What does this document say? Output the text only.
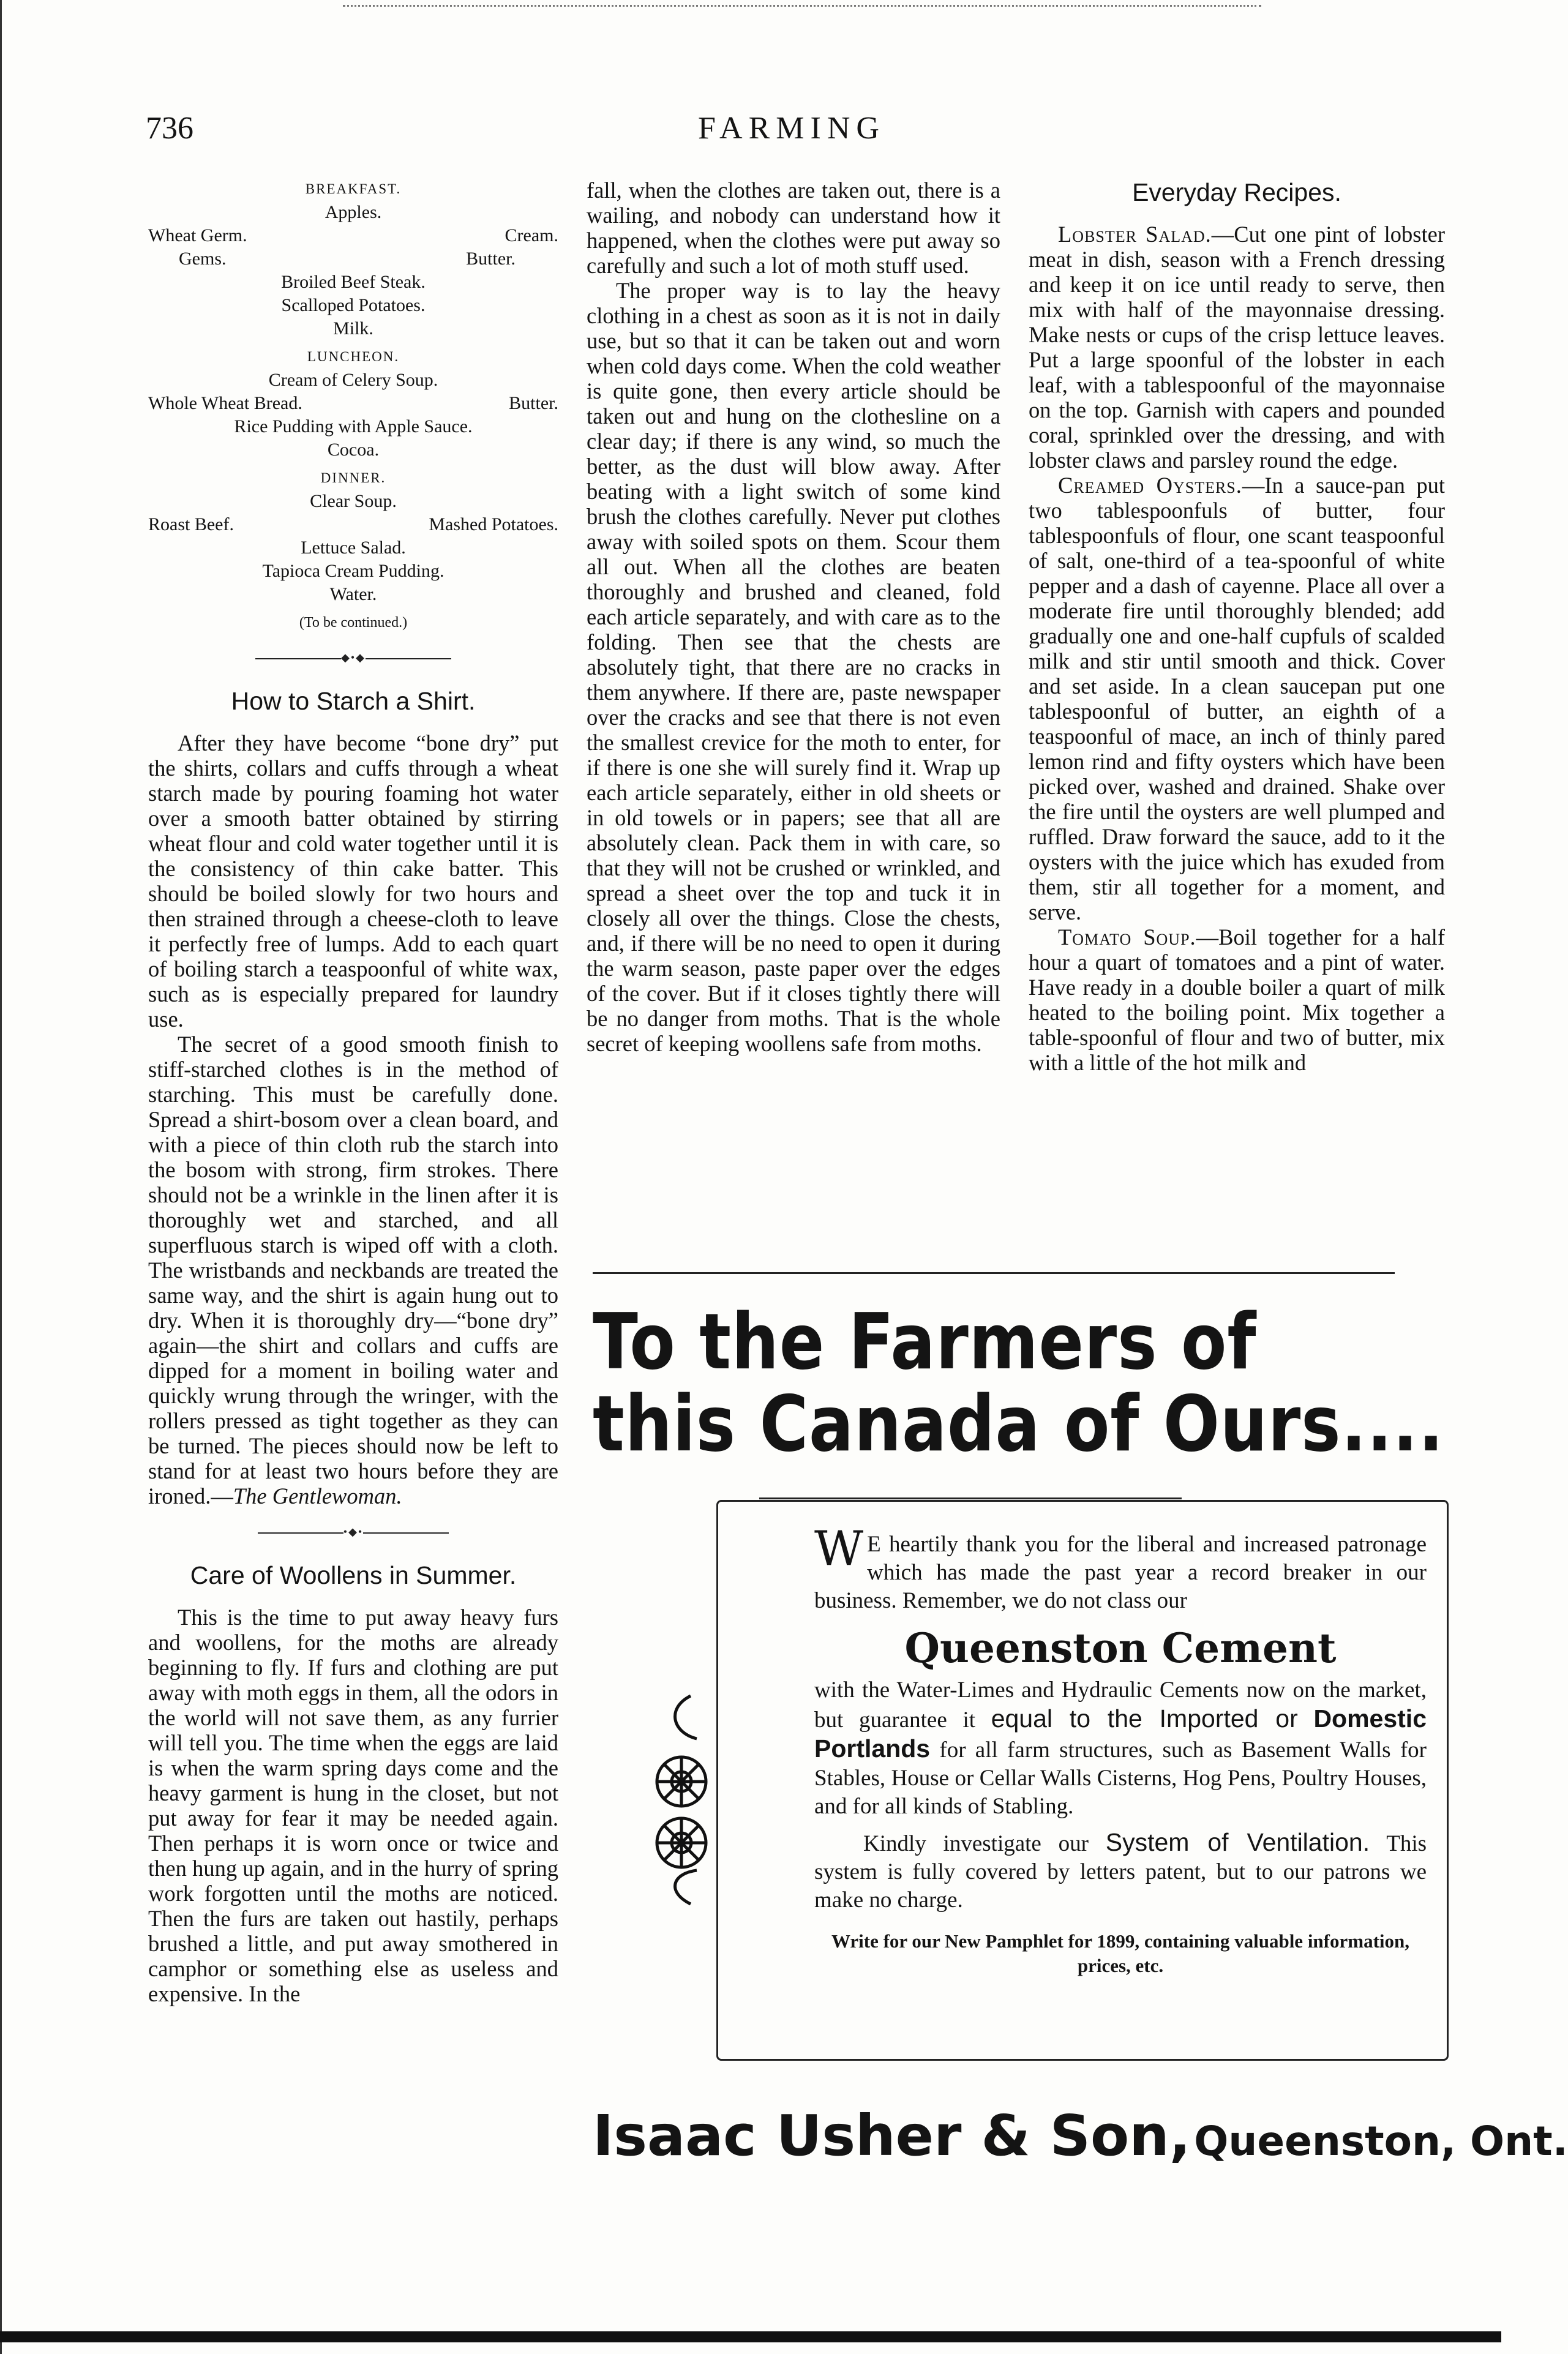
736	FARMING
BREAKFAST.
Apples.
Wheat Germ.	Cream.
Gems.	Butter.
Broiled Beef Steak.
Scalloped Potatoes.
Milk.
LUNCHEON.
Cream of Celery Soup.
Whole Wheat Bread.	Butter.
Rice Pudding with Apple Sauce.
Cocoa.
DINNER.
Clear Soup.
Roast Beef.	Mashed Potatoes.
Lettuce Salad.
Tapioca Cream Pudding.
Water.
(To be continued.)
◆•◆
How to Starch a Shirt.

After they have become “bone dry” put the shirts, collars and cuffs through a wheat starch made by pouring foaming hot water over a smooth batter obtained by stirring wheat flour and cold water together until it is the consistency of thin cake batter. This should be boiled slowly for two hours and then strained through a cheese-cloth to leave it perfectly free of lumps. Add to each quart of boiling starch a teaspoonful of white wax, such as is especially prepared for laundry use.

The secret of a good smooth finish to stiff-starched clothes is in the method of starching. This must be carefully done. Spread a shirt-bosom over a clean board, and with a piece of thin cloth rub the starch into the bosom with strong, firm strokes. There should not be a wrinkle in the linen after it is thoroughly wet and starched, and all superfluous starch is wiped off with a cloth. The wristbands and neckbands are treated the same way, and the shirt is again hung out to dry. When it is thoroughly dry—“bone dry” again—the shirt and collars and cuffs are dipped for a moment in boiling water and quickly wrung through the wringer, with the rollers pressed as tight together as they can be turned. The pieces should now be left to stand for at least two hours before they are ironed.—The Gentlewoman.

•◆•
Care of Woollens in Summer.

This is the time to put away heavy furs and woollens, for the moths are already beginning to fly. If furs and clothing are put away with moth eggs in them, all the odors in the world will not save them, as any furrier will tell you. The time when the eggs are laid is when the warm spring days come and the heavy garment is hung in the closet, but not put away for fear it may be needed again. Then perhaps it is worn once or twice and then hung up again, and in the hurry of spring work forgotten until the moths are noticed. Then the furs are taken out hastily, perhaps brushed a little, and put away smothered in camphor or something else as useless and expensive. In the

fall, when the clothes are taken out, there is a wailing, and nobody can understand how it happened, when the clothes were put away so carefully and such a lot of moth stuff used.

The proper way is to lay the heavy clothing in a chest as soon as it is not in daily use, but so that it can be taken out and worn when cold days come. When the cold weather is quite gone, then every article should be taken out and hung on the clothesline on a clear day; if there is any wind, so much the better, as the dust will blow away. After beating with a light switch of some kind brush the clothes carefully. Never put clothes away with soiled spots on them. Scour them all out. When all the clothes are beaten thoroughly and brushed and cleaned, fold each article separately, and with care as to the folding. Then see that the chests are absolutely tight, that there are no cracks in them anywhere. If there are, paste newspaper over the cracks and see that there is not even the smallest crevice for the moth to enter, for if there is one she will surely find it. Wrap up each article separately, either in old sheets or in old towels or in papers; see that all are absolutely clean. Pack them in with care, so that they will not be crushed or wrinkled, and spread a sheet over the top and tuck it in closely all over the things. Close the chests, and, if there will be no need to open it during the warm season, paste paper over the edges of the cover. But if it closes tightly there will be no danger from moths. That is the whole secret of keeping woollens safe from moths.

Everyday Recipes.

Lobster Salad.—Cut one pint of lobster meat in dish, season with a French dressing and keep it on ice until ready to serve, then mix with half of the mayonnaise dressing. Make nests or cups of the crisp lettuce leaves. Put a large spoonful of the lobster in each leaf, with a tablespoonful of the mayonnaise on the top. Garnish with capers and pounded coral, sprinkled over the dressing, and with lobster claws and parsley round the edge.

Creamed Oysters.—In a sauce-pan put two tablespoonfuls of butter, four tablespoonfuls of flour, one scant teaspoonful of salt, one-third of a tea-spoonful of white pepper and a dash of cayenne. Place all over a moderate fire until thoroughly blended; add gradually one and one-half cupfuls of scalded milk and stir until smooth and thick. Cover and set aside. In a clean saucepan put one tablespoonful of butter, an eighth of a teaspoonful of mace, an inch of thinly pared lemon rind and fifty oysters which have been picked over, washed and drained. Shake over the fire until the oysters are well plumped and ruffled. Draw forward the sauce, add to it the oysters with the juice which has exuded from them, stir all together for a moment, and serve.

Tomato Soup.—Boil together for a half hour a quart of tomatoes and a pint of water. Have ready in a double boiler a quart of milk heated to the boiling point. Mix together a table-spoonful of flour and two of butter, mix with a little of the hot milk and

To the Farmers of
this Canada of Ours....

W E heartily thank you for the liberal and increased patronage which has made the past year a record breaker in our business. Remember, we do not class our

Queenston Cement

with the Water-Limes and Hydraulic Cements now on the market, but guarantee it equal to the Imported or Domestic Portlands for all farm structures, such as Basement Walls for Stables, House or Cellar Walls Cisterns, Hog Pens, Poultry Houses, and for all kinds of Stabling.

Kindly investigate our System of Ventilation. This system is fully covered by letters patent, but to our patrons we make no charge.

Write for our New Pamphlet for 1899, containing valuable information, prices, etc.
Isaac Usher & Son, Queenston, Ont.
